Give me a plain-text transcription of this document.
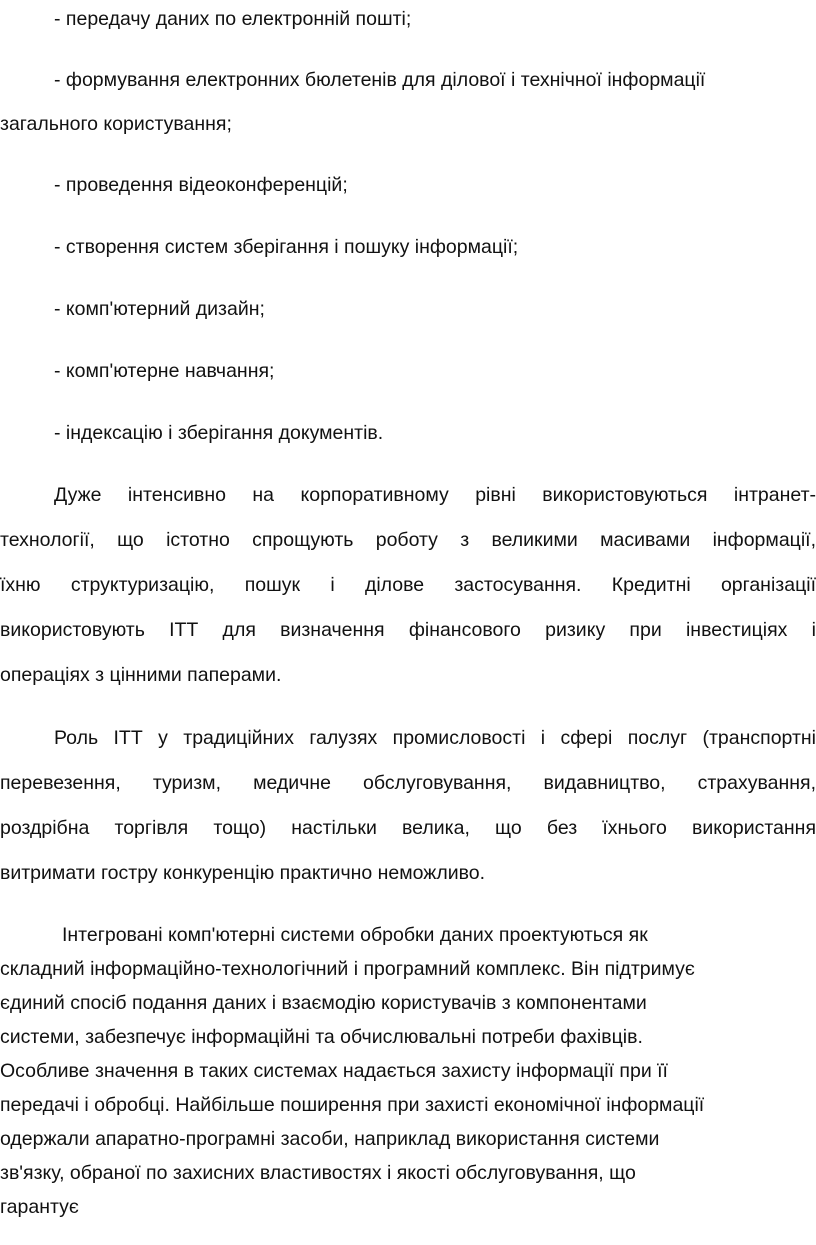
- передачу даних по електронній пошті;
- формування електронних бюлетенів для ділової і технічної інформації
загального користування;
- проведення відеоконференцій;
- створення систем зберігання і пошуку інформації;
- комп'ютерний дизайн;
- комп'ютерне навчання;
- індексацію і зберігання документів.
Дуже інтенсивно на корпоративному рівні використовуються інтранет-
технології, що істотно спрощують роботу з великими масивами інформації,
їхню структуризацію, пошук і ділове застосування. Кредитні організації
використовують ІТТ для визначення фінансового ризику при інвестиціях і
операціях з цінними паперами.
Роль ІТТ у традиційних галузях промисловості і сфері послуг (транспортні
перевезення, туризм, медичне обслуговування, видавництво, страхування,
роздрібна торгівля тощо) настільки велика, що без їхнього використання
витримати гостру конкуренцію практично неможливо.
Інтегровані комп'ютерні системи обробки даних проектуються як
складний інформаційно-технологічний і програмний комплекс. Він підтримує
єдиний спосіб подання даних і взаємодію користувачів з компонентами
системи, забезпечує інформаційні та обчислювальні потреби фахівців.
Особливе значення в таких системах надається захисту інформації при її
передачі і обробці. Найбільше поширення при захисті економічної інформації
одержали апаратно-програмні засоби, наприклад використання системи
зв'язку, обраної по захисних властивостях і якості обслуговування, що
гарантує
